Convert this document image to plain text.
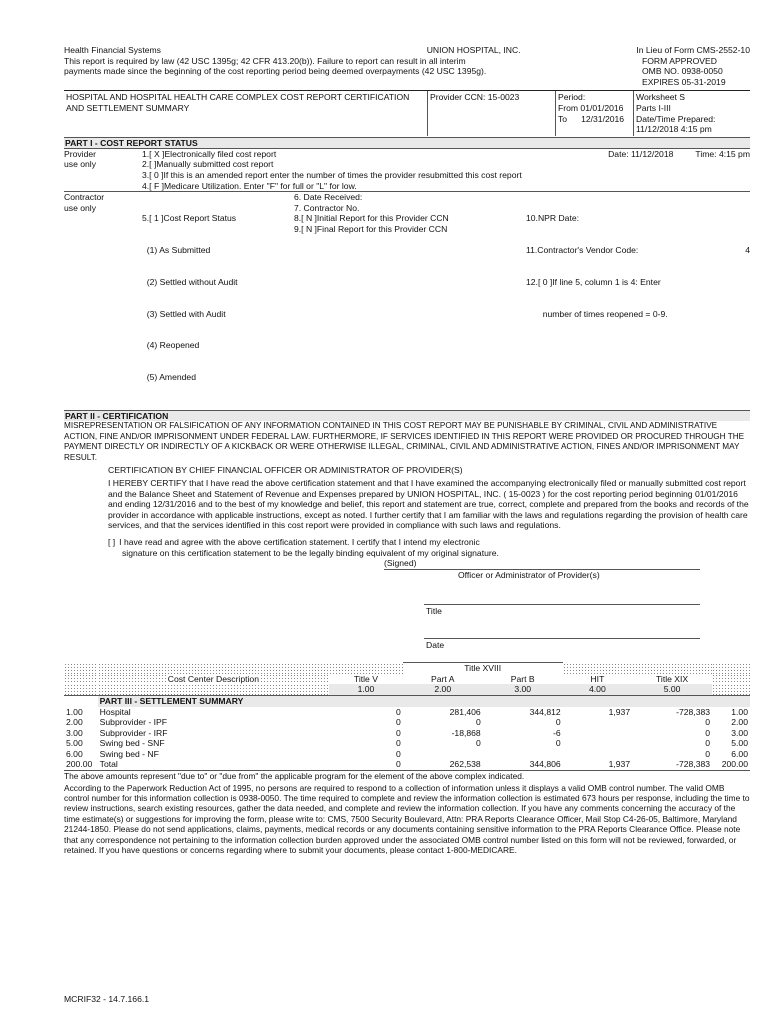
Health Financial Systems	UNION HOSPITAL, INC.	In Lieu of Form CMS-2552-10
This report is required by law (42 USC 1395g; 42 CFR 413.20(b)). Failure to report can result in all interim	FORM APPROVED
payments made since the beginning of the cost reporting period being deemed overpayments (42 USC 1395g).	OMB NO. 0938-0050
EXPIRES 05-31-2019
HOSPITAL AND HOSPITAL HEALTH CARE COMPLEX COST REPORT CERTIFICATION AND SETTLEMENT SUMMARY
Provider CCN: 15-0023	Period:
From 01/01/2016
To 12/31/2016
Worksheet S
Parts I-III
Date/Time Prepared:
11/12/2018 4:15 pm
PART I - COST REPORT STATUS
Provider
use only
1.[ X ]Electronically filed cost report	Date: 11/12/2018	Time: 4:15 pm
2.[ ]Manually submitted cost report
3.[ 0 ]If this is an amended report enter the number of times the provider resubmitted this cost report
4.[ F ]Medicare Utilization. Enter "F" for full or "L" for low.
Contractor
use only

5.[ 1 ]Cost Report Status

(1) As Submitted

(2) Settled without Audit

(3) Settled with Audit

(4) Reopened

(5) Amended

6. Date Received:
7. Contractor No.
8.[ N ]Initial Report for this Provider CCN
9.[ N ]Final Report for this Provider CCN

10.NPR Date:

11.Contractor's Vendor Code:	4

12.[ 0 ]If line 5, column 1 is 4: Enter

number of times reopened = 0-9.

PART II - CERTIFICATION
MISREPRESENTATION OR FALSIFICATION OF ANY INFORMATION CONTAINED IN THIS COST REPORT MAY BE PUNISHABLE BY CRIMINAL, CIVIL AND ADMINISTRATIVE ACTION, FINE AND/OR IMPRISONMENT UNDER FEDERAL LAW. FURTHERMORE, IF SERVICES IDENTIFIED IN THIS REPORT WERE PROVIDED OR PROCURED THROUGH THE PAYMENT DIRECTLY OR INDIRECTLY OF A KICKBACK OR WERE OTHERWISE ILLEGAL, CRIMINAL, CIVIL AND ADMINISTRATIVE ACTION, FINES AND/OR IMPRISONMENT MAY RESULT.
CERTIFICATION BY CHIEF FINANCIAL OFFICER OR ADMINISTRATOR OF PROVIDER(S)
I HEREBY CERTIFY that I have read the above certification statement and that I have examined the accompanying electronically filed or manually submitted cost report and the Balance Sheet and Statement of Revenue and Expenses prepared by UNION HOSPITAL, INC. ( 15-0023 ) for the cost reporting period beginning 01/01/2016 and ending 12/31/2016 and to the best of my knowledge and belief, this report and statement are true, correct, complete and prepared from the books and records of the provider in accordance with applicable instructions, except as noted. I further certify that I am familiar with the laws and regulations regarding the provision of health care services, and that the services identified in this cost report were provided in compliance with such laws and regulations.
[ ] I have read and agree with the above certification statement. I certify that I intend my electronic
signature on this certification statement to be the legally binding equivalent of my original signature.
(Signed)
Officer or Administrator of Provider(s)
Title
Date
			Title XVIII				
	Cost Center Description	Title V	Part A	Part B	HIT	Title XIX	
		1.00	2.00	3.00	4.00	5.00	
	PART III - SETTLEMENT SUMMARY						
1.00	Hospital	0	281,406	344,812	1,937	-728,383	1.00
2.00	Subprovider - IPF	0	0	0		0	2.00
3.00	Subprovider - IRF	0	-18,868	-6		0	3.00
5.00	Swing bed - SNF	0	0	0		0	5.00
6.00	Swing bed - NF	0				0	6.00
200.00	Total	0	262,538	344,806	1,937	-728,383	200.00
The above amounts represent "due to" or "due from" the applicable program for the element of the above complex indicated.
According to the Paperwork Reduction Act of 1995, no persons are required to respond to a collection of information unless it displays a valid OMB control number. The valid OMB control number for this information collection is 0938-0050. The time required to complete and review the information collection is estimated 673 hours per response, including the time to review instructions, search existing resources, gather the data needed, and complete and review the information collection. If you have any comments concerning the accuracy of the time estimate(s) or suggestions for improving the form, please write to: CMS, 7500 Security Boulevard, Attn: PRA Reports Clearance Officer, Mail Stop C4-26-05, Baltimore, Maryland 21244-1850. Please do not send applications, claims, payments, medical records or any documents containing sensitive information to the PRA Reports Clearance Office. Please note that any correspondence not pertaining to the information collection burden approved under the associated OMB control number listed on this form will not be reviewed, forwarded, or retained. If you have questions or concerns regarding where to submit your documents, please contact 1-800-MEDICARE.
MCRIF32 - 14.7.166.1
